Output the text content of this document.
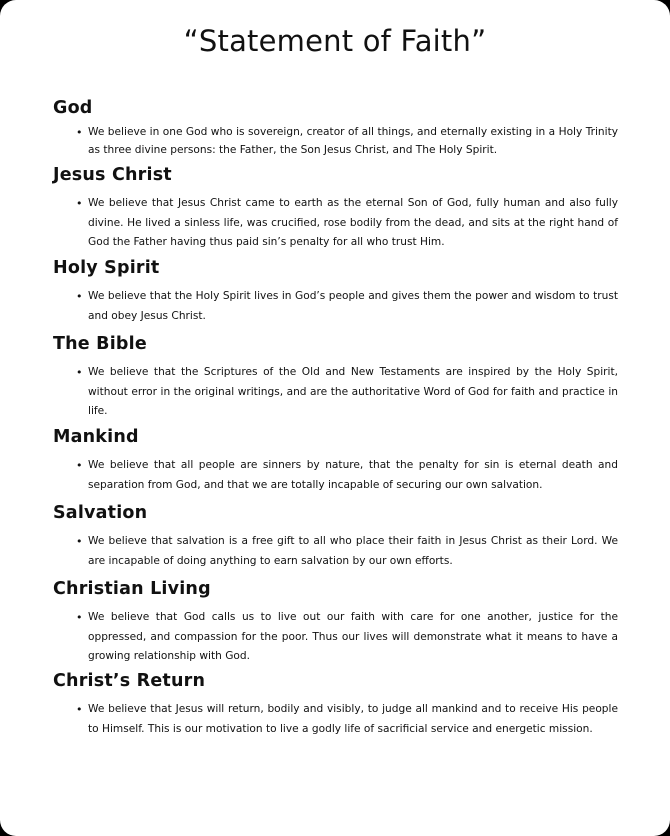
“Statement of Faith”
God
• We believe in one God who is sovereign, creator of all things, and eternally existing in a Holy Trinity as three divine persons: the Father, the Son Jesus Christ, and The Holy Spirit.

Jesus Christ
• We believe that Jesus Christ came to earth as the eternal Son of God, fully human and also fully divine. He lived a sinless life, was crucified, rose bodily from the dead, and sits at the right hand of God the Father having thus paid sin’s penalty for all who trust Him.

Holy Spirit
• We believe that the Holy Spirit lives in God’s people and gives them the power and wisdom to trust and obey Jesus Christ.

The Bible
• We believe that the Scriptures of the Old and New Testaments are inspired by the Holy Spirit, without error in the original writings, and are the authoritative Word of God for faith and practice in life.

Mankind
• We believe that all people are sinners by nature, that the penalty for sin is eternal death and separation from God, and that we are totally incapable of securing our own salvation.

Salvation
• We believe that salvation is a free gift to all who place their faith in Jesus Christ as their Lord. We are incapable of doing anything to earn salvation by our own efforts.

Christian Living
• We believe that God calls us to live out our faith with care for one another, justice for the oppressed, and compassion for the poor. Thus our lives will demonstrate what it means to have a growing relationship with God.

Christ’s Return
• We believe that Jesus will return, bodily and visibly, to judge all mankind and to receive His people to Himself. This is our motivation to live a godly life of sacrificial service and energetic mission.
